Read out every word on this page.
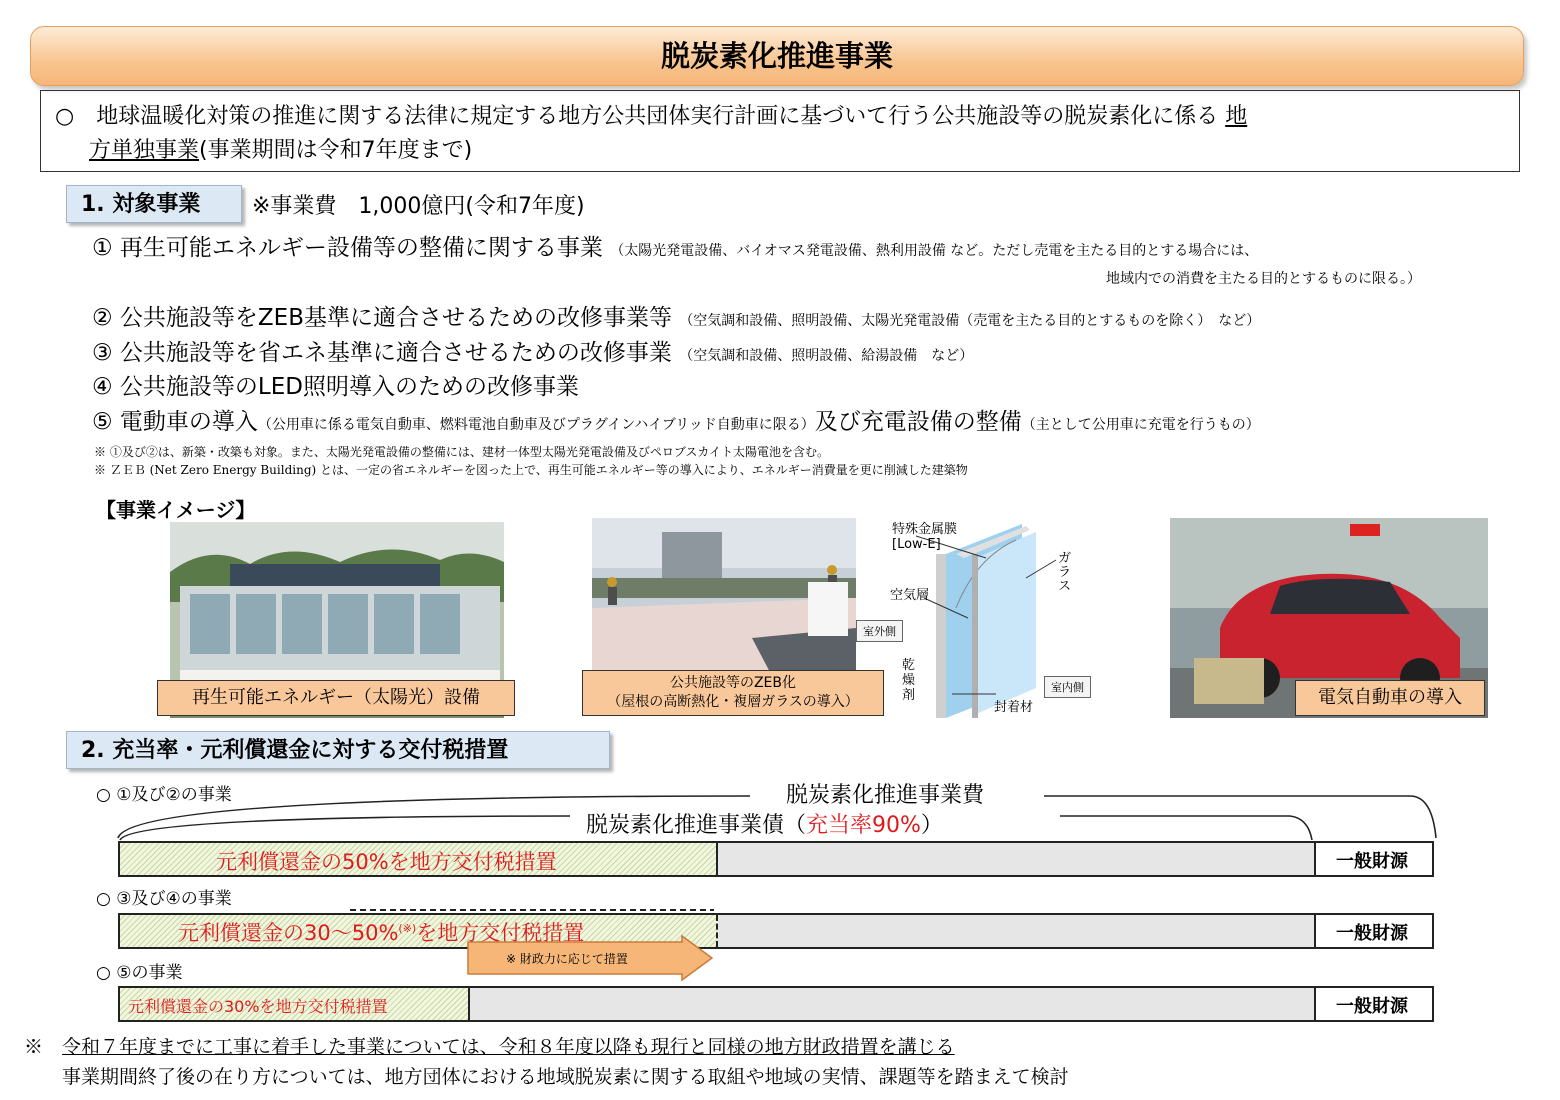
脱炭素化推進事業
○　地球温暖化対策の推進に関する法律に規定する地方公共団体実行計画に基づいて行う公共施設等の脱炭素化に係る 地
方単独事業(事業期間は令和7年度まで)
1. 対象事業	※事業費　1,000億円(令和7年度)
① 再生可能エネルギー設備等の整備に関する事業 （太陽光発電設備、バイオマス発電設備、熱利用設備 など。ただし売電を主たる目的とする場合には、
地域内での消費を主たる目的とするものに限る。）
② 公共施設等をZEB基準に適合させるための改修事業等 （空気調和設備、照明設備、太陽光発電設備（売電を主たる目的とするものを除く）　など）
③ 公共施設等を省エネ基準に適合させるための改修事業 （空気調和設備、照明設備、給湯設備　など）
④ 公共施設等のLED照明導入のための改修事業
⑤ 電動車の導入（公用車に係る電気自動車、燃料電池自動車及びプラグインハイブリッド自動車に限る）及び充電設備の整備（主として公用車に充電を行うもの）
※ ①及び②は、新築・改築も対象。また、太陽光発電設備の整備には、建材一体型太陽光発電設備及びペロブスカイト太陽電池を含む。
※ ＺＥＢ (Net Zero Energy Building) とは、一定の省エネルギーを図った上で、再生可能エネルギー等の導入により、エネルギー消費量を更に削減した建築物
【事業イメージ】
再生可能エネルギー（太陽光）設備
公共施設等のZEB化
（屋根の高断熱化・複層ガラスの導入）
特殊金属膜
[Low-E]
空気層
ガラス
室外側
室内側
乾燥剤
封着材	電気自動車の導入
2. 充当率・元利償還金に対する交付税措置
脱炭素化推進事業費
脱炭素化推進事業債（充当率90%）
○ ①及び②の事業
元利償還金の50%を地方交付税措置	一般財源
○ ③及び④の事業
元利償還金の30～50%(※)を地方交付税措置	一般財源
※ 財政力に応じて措置
○ ⑤の事業
元利償還金の30%を地方交付税措置	一般財源
※　 令和７年度までに工事に着手した事業については、令和８年度以降も現行と同様の地方財政措置を講じる
事業期間終了後の在り方については、地方団体における地域脱炭素に関する取組や地域の実情、課題等を踏まえて検討
